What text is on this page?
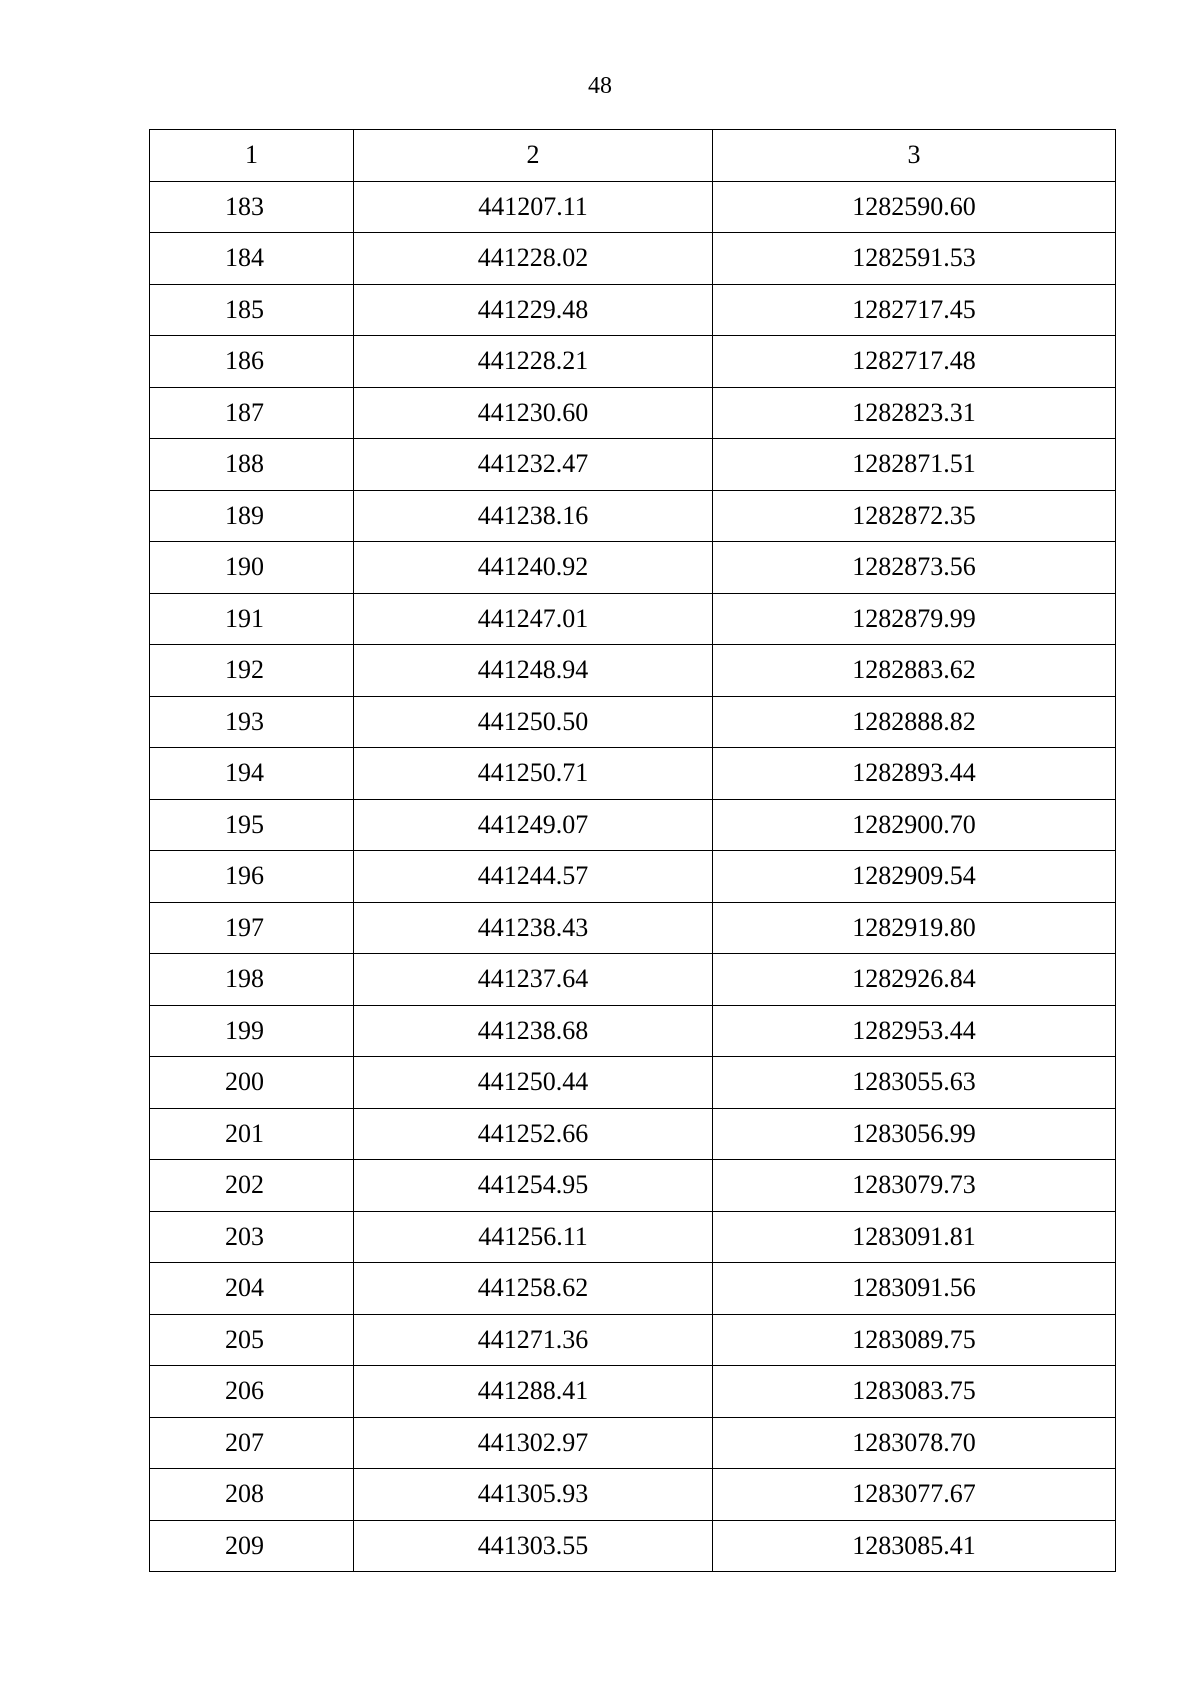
48
1	2	3
183	441207.11	1282590.60
184	441228.02	1282591.53
185	441229.48	1282717.45
186	441228.21	1282717.48
187	441230.60	1282823.31
188	441232.47	1282871.51
189	441238.16	1282872.35
190	441240.92	1282873.56
191	441247.01	1282879.99
192	441248.94	1282883.62
193	441250.50	1282888.82
194	441250.71	1282893.44
195	441249.07	1282900.70
196	441244.57	1282909.54
197	441238.43	1282919.80
198	441237.64	1282926.84
199	441238.68	1282953.44
200	441250.44	1283055.63
201	441252.66	1283056.99
202	441254.95	1283079.73
203	441256.11	1283091.81
204	441258.62	1283091.56
205	441271.36	1283089.75
206	441288.41	1283083.75
207	441302.97	1283078.70
208	441305.93	1283077.67
209	441303.55	1283085.41
